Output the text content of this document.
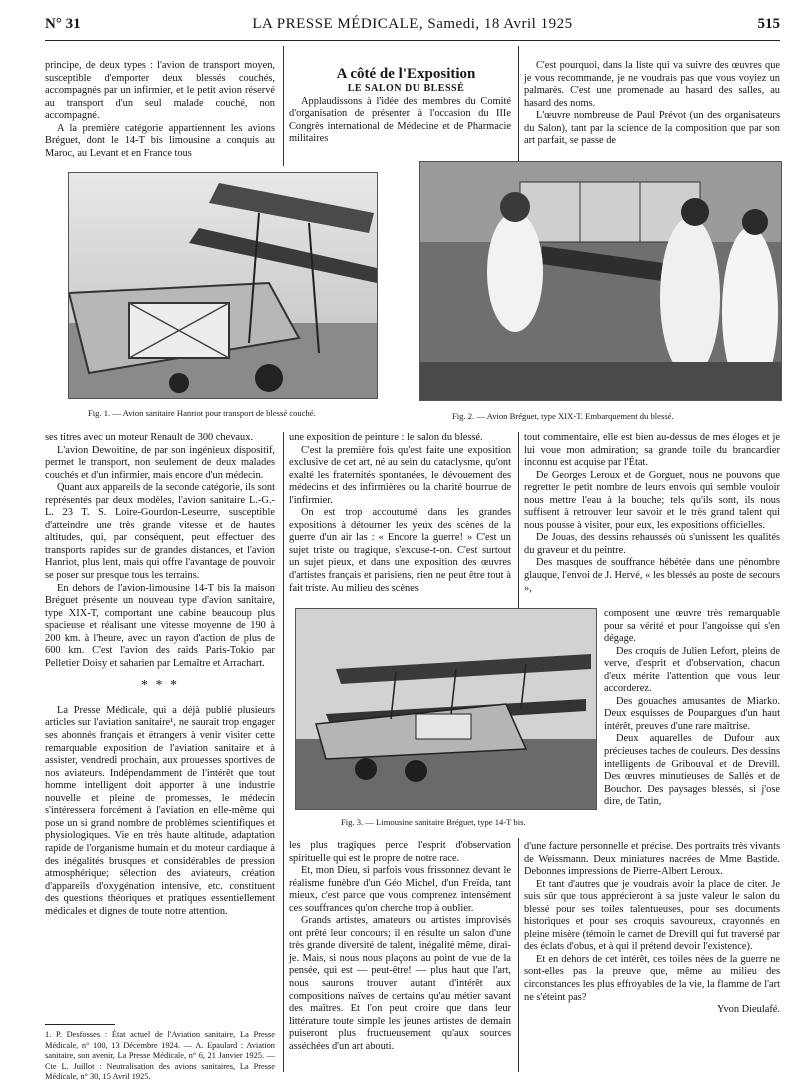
N° 31	LA PRESSE MÉDICALE, Samedi, 18 Avril 1925	515

principe, de deux types : l'avion de transport moyen, susceptible d'emporter deux blessés couchés, accompagnés par un infirmier, et le petit avion réservé au transport d'un seul malade couché, non accompagné.

A la première catégorie appartiennent les avions Bréguet, dont le 14-T bis limousine a conquis au Maroc, au Levant et en France tous

A côté de l'Exposition

LE SALON DU BLESSÉ

Applaudissons à l'idée des membres du Comité d'organisation de présenter à l'occasion du IIIe Congrès international de Médecine et de Pharmacie militaires

C'est pourquoi, dans la liste qui va suivre des œuvres que je vous recommande, je ne voudrais pas que vous voyiez un palmarès. C'est une promenade au hasard des salles, au hasard des noms.

L'œuvre nombreuse de Paul Prévot (un des organisateurs du Salon), tant par la science de la composition que par son art parfait, se passe de

Fig. 1. — Avion sanitaire Hanriot pour transport de blessé couché.	Fig. 2. — Avion Bréguet, type XIX-T. Embarquement du blessé.

ses titres avec un moteur Renault de 300 chevaux.

L'avion Dewoitine, de par son ingénieux dispositif, permet le transport, non seulement de deux malades couchés et d'un infirmier, mais encore d'un médecin.

Quant aux appareils de la seconde catégorie, ils sont représentés par deux modèles, l'avion sanitaire L.-G.-L. 23 T. S. Loire-Gourdon-Leseurre, susceptible d'atteindre une très grande vitesse et de hautes altitudes, qui, par conséquent, peut effectuer des transports rapides sur de grandes distances, et l'avion Hanriot, plus lent, mais qui offre l'avantage de pouvoir se poser sur presque tous les terrains.

En dehors de l'avion-limousine 14-T bis la maison Bréguet présente un nouveau type d'avion sanitaire, type XIX-T, comportant une cabine beaucoup plus spacieuse et réalisant une vitesse moyenne de 190 à 200 km. à l'heure, avec un rayon d'action de plus de 600 km. C'est l'avion des raids Paris-Tokio par Pelletier Doisy et saharien par Lemaître et Arrachart.

* * *

La Presse Médicale, qui a déjà publié plusieurs articles sur l'aviation sanitaire¹, ne saurait trop engager ses abonnés français et étrangers à venir visiter cette remarquable exposition de l'aviation sanitaire et à assister, vendredi prochain, aux prouesses sportives de nos aviateurs. Indépendamment de l'intérêt que tout homme intelligent doit apporter à une industrie nouvelle et pleine de promesses, le médecin s'intéressera forcément à l'aviation en elle-même qui pose un si grand nombre de problèmes scientifiques et physiologiques. Vie en très haute altitude, adaptation rapide de l'organisme humain et du moteur cardiaque à des inégalités brusques et considérables de pression atmosphérique; sélection des aviateurs, création d'appareils d'oxygénation intensive, etc. constituent des questions théoriques et pratiques essentiellement médicales et dignes de toute notre attention.

1. P. Desfosses : État actuel de l'Aviation sanitaire, La Presse Médicale, n° 100, 13 Décembre 1924. — A. Epaulard : Aviation sanitaire, son avenir, La Presse Médicale, n° 6, 21 Janvier 1925. — Cte L. Juillot : Neutralisation des avions sanitaires, La Presse Médicale, n° 30, 15 Avril 1925.

une exposition de peinture : le salon du blessé.

C'est la première fois qu'est faite une exposition exclusive de cet art, né au sein du cataclysme, qu'ont exalté les fraternités spontanées, le dévouement des médecins et des infirmières ou la charité bourrue de l'infirmier.

On est trop accoutumé dans les grandes expositions à détourner les yeux des scènes de la guerre d'un air las : « Encore la guerre! » C'est un sujet triste ou tragique, s'excuse-t-on. C'est surtout un sujet pieux, et dans une exposition des œuvres d'artistes français et parisiens, rien ne peut être tout à fait triste. Au milieu des scènes

Fig. 3. — Limousine sanitaire Bréguet, type 14-T bis.

les plus tragiques perce l'esprit d'observation spirituelle qui est le propre de notre race.

Et, mon Dieu, si parfois vous frissonnez devant le réalisme funèbre d'un Géo Michel, d'un Freïda, tant mieux, c'est parce que vous comprenez intensément ces souffrances qu'on cherche trop à oublier.

Grands artistes, amateurs ou artistes improvisés ont prêté leur concours; il en résulte un salon d'une très grande diversité de talent, inégalité même, dirai-je. Mais, si nous nous plaçons au point de vue de la pensée, qui est — peut-être! — plus haut que l'art, nous saurons trouver autant d'intérêt aux compositions naïves de certains qu'au métier savant des maîtres. Et l'on peut croire que dans leur littérature toute simple les jeunes artistes de demain puiseront plus fructueusement qu'aux sources asséchées d'un art abouti.

tout commentaire, elle est bien au-dessus de mes éloges et je lui voue mon admiration; sa grande toile du brancardier inconnu est acquise par l'État.

De Georges Leroux et de Gorguet, nous ne pouvons que regretter le petit nombre de leurs envois qui semble vouloir nous mettre l'eau à la bouche; tels qu'ils sont, ils nous suffisent à retrouver leur savoir et le très grand talent qui nous pousse à visiter, pour eux, les expositions officielles.

De Jouas, des dessins rehaussés où s'unissent les qualités du graveur et du peintre.

Des masques de souffrance hébétée dans une pénombre glauque, l'envoi de J. Hervé, « les blessés au poste de secours »,

composent une œuvre très remarquable pour sa vérité et pour l'angoisse qui s'en dégage.

Des croquis de Julien Lefort, pleins de verve, d'esprit et d'observation, chacun d'eux mérite l'attention que vous leur accorderez.

Des gouaches amusantes de Miarko. Deux esquisses de Poupargues d'un haut intérêt, preuves d'une rare maîtrise.

Deux aquarelles de Dufour aux précieuses taches de couleurs. Des dessins intelligents de Gribouval et de Drevill. Des œuvres minutieuses de Sallès et de Bouchor. Des paysages blessés, si j'ose dire, de Tatin,

d'une facture personnelle et précise. Des portraits très vivants de Weissmann. Deux miniatures nacrées de Mme Bastide. Debonnes impressions de Pierre-Albert Leroux.

Et tant d'autres que je voudrais avoir la place de citer. Je suis sûr que tous apprécieront à sa juste valeur le salon du blessé pour ses toiles talentueuses, pour ses documents historiques et pour ses croquis savoureux, crayonnés en pleine misère (témoin le carnet de Drevill qui fut traversé par des éclats d'obus, et à qui il prétend devoir l'existence).

Et en dehors de cet intérêt, ces toiles nées de la guerre ne sont-elles pas la preuve que, même au milieu des circonstances les plus effroyables de la vie, la flamme de l'art ne s'éteint pas?

Yvon Dieulafé.
